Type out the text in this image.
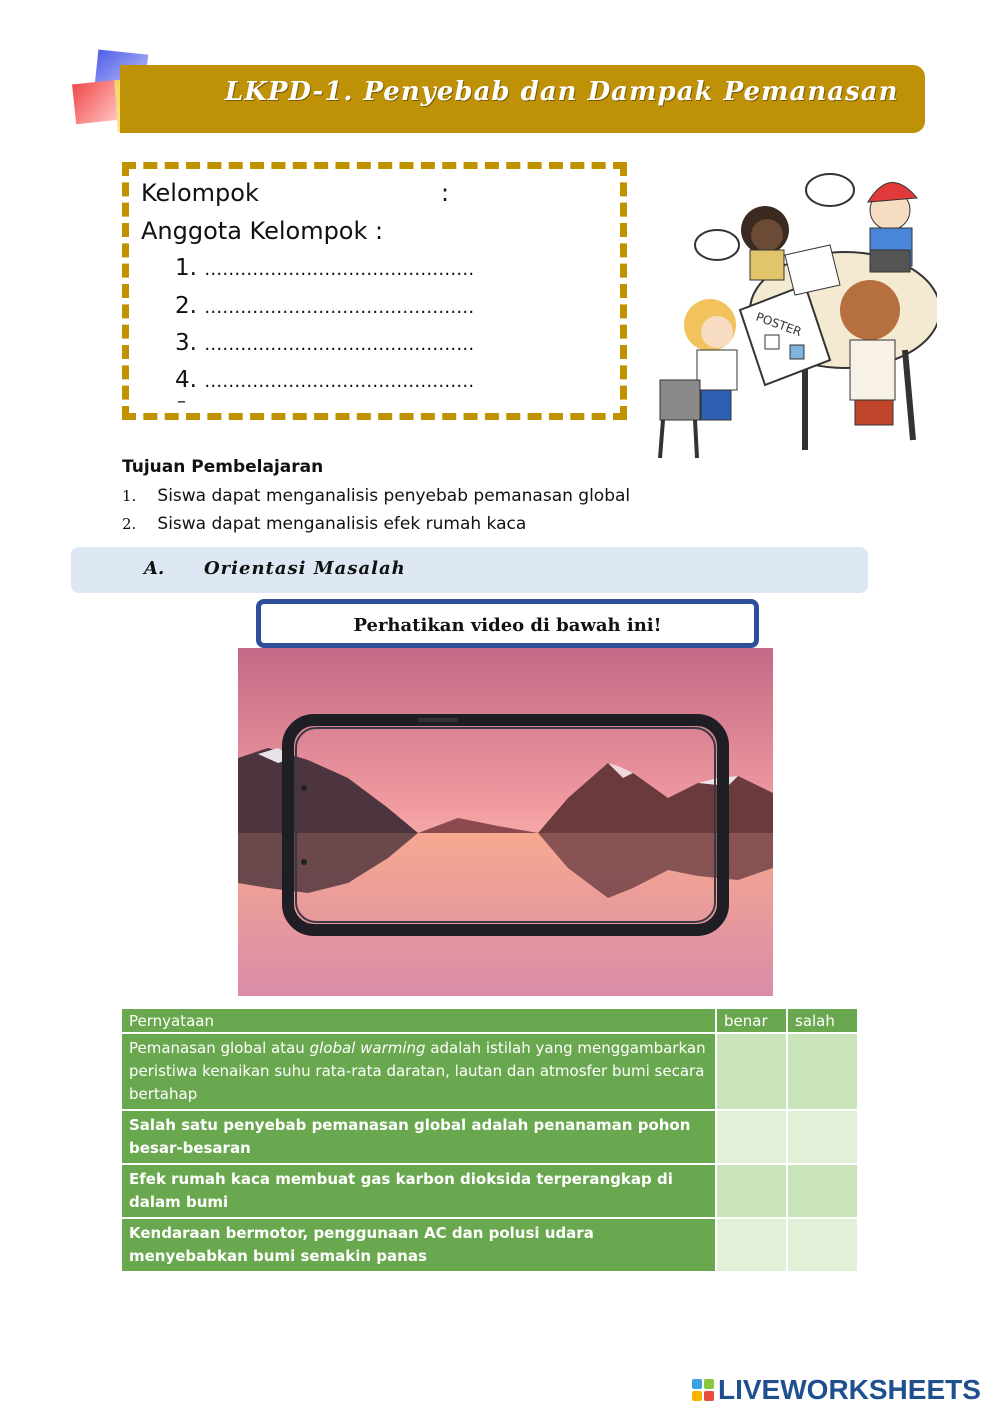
LKPD-1. Penyebab dan Dampak Pemanasan
Kelompok	:
Anggota Kelompok :
1. ………………………………………
2. ………………………………………
3. ………………………………………
4. ………………………………………
–
POSTER
Tujuan Pembelajaran
1. Siswa dapat menganalisis penyebab pemanasan global
2. Siswa dapat menganalisis efek rumah kaca
A. Orientasi Masalah
Perhatikan video di bawah ini!
Pernyataan	benar	salah
Pemanasan global atau global warming adalah istilah yang menggambarkan peristiwa kenaikan suhu rata-rata daratan, lautan dan atmosfer bumi secara bertahap		
Salah satu penyebab pemanasan global adalah penanaman pohon besar-besaran		
Efek rumah kaca membuat gas karbon dioksida terperangkap di dalam bumi		
Kendaraan bermotor, penggunaan AC dan polusi udara menyebabkan bumi semakin panas		
LIVEWORKSHEETS
